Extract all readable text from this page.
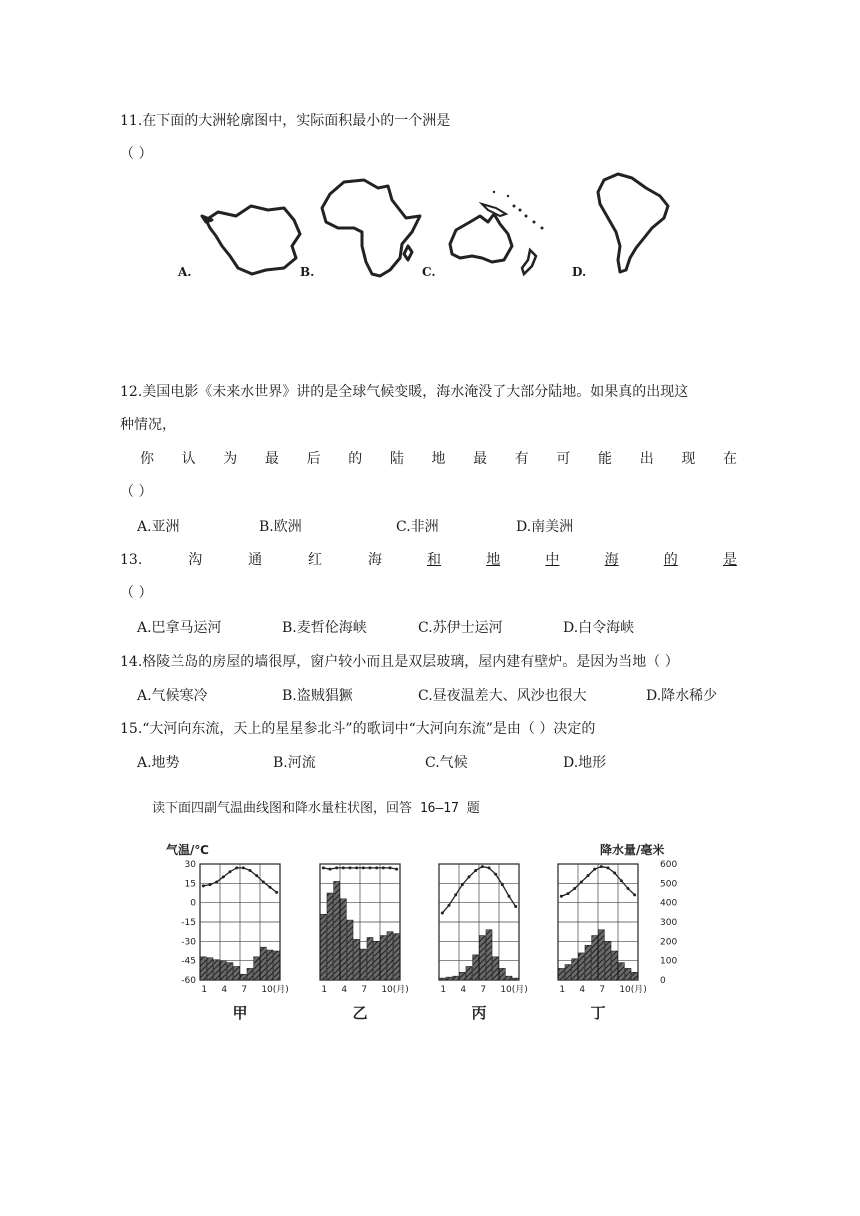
11.在下面的大洲轮廓图中，实际面积最小的一个洲是
（ ）
A.	B.	C.	D.
12.美国电影《未来水世界》讲的是全球气候变暖，海水淹没了大部分陆地。如果真的出现这
种情况，
你 认 为 最 后 的 陆 地 最 有 可 能 出 现 在
（ ）
A.亚洲	B.欧洲	C.非洲	D.南美洲
13.	沟	通	红	海	和	地	中	海	的	是
（ ）
A.巴拿马运河	B.麦哲伦海峡	C.苏伊士运河	D.白令海峡
14.格陵兰岛的房屋的墙很厚，窗户较小而且是双层玻璃，屋内建有壁炉。是因为当地（ ）
A.气候寒冷	B.盗贼猖獗	C.昼夜温差大、风沙也很大	D.降水稀少
15.“大河向东流，天上的星星参北斗”的歌词中“大河向东流”是由（ ）决定的
A.地势	B.河流	C.气候	D.地形
读下面四副气温曲线图和降水量柱状图，回答 16—17 题
气温/℃	降水量/毫米
30
15
0
-15
-30
-45
-60
600
500
400
300
200
100
0
1 4 7 10(月)
甲
1 4 7 10(月)
乙
1 4 7 10(月)
丙
1 4 7 10(月)
丁
